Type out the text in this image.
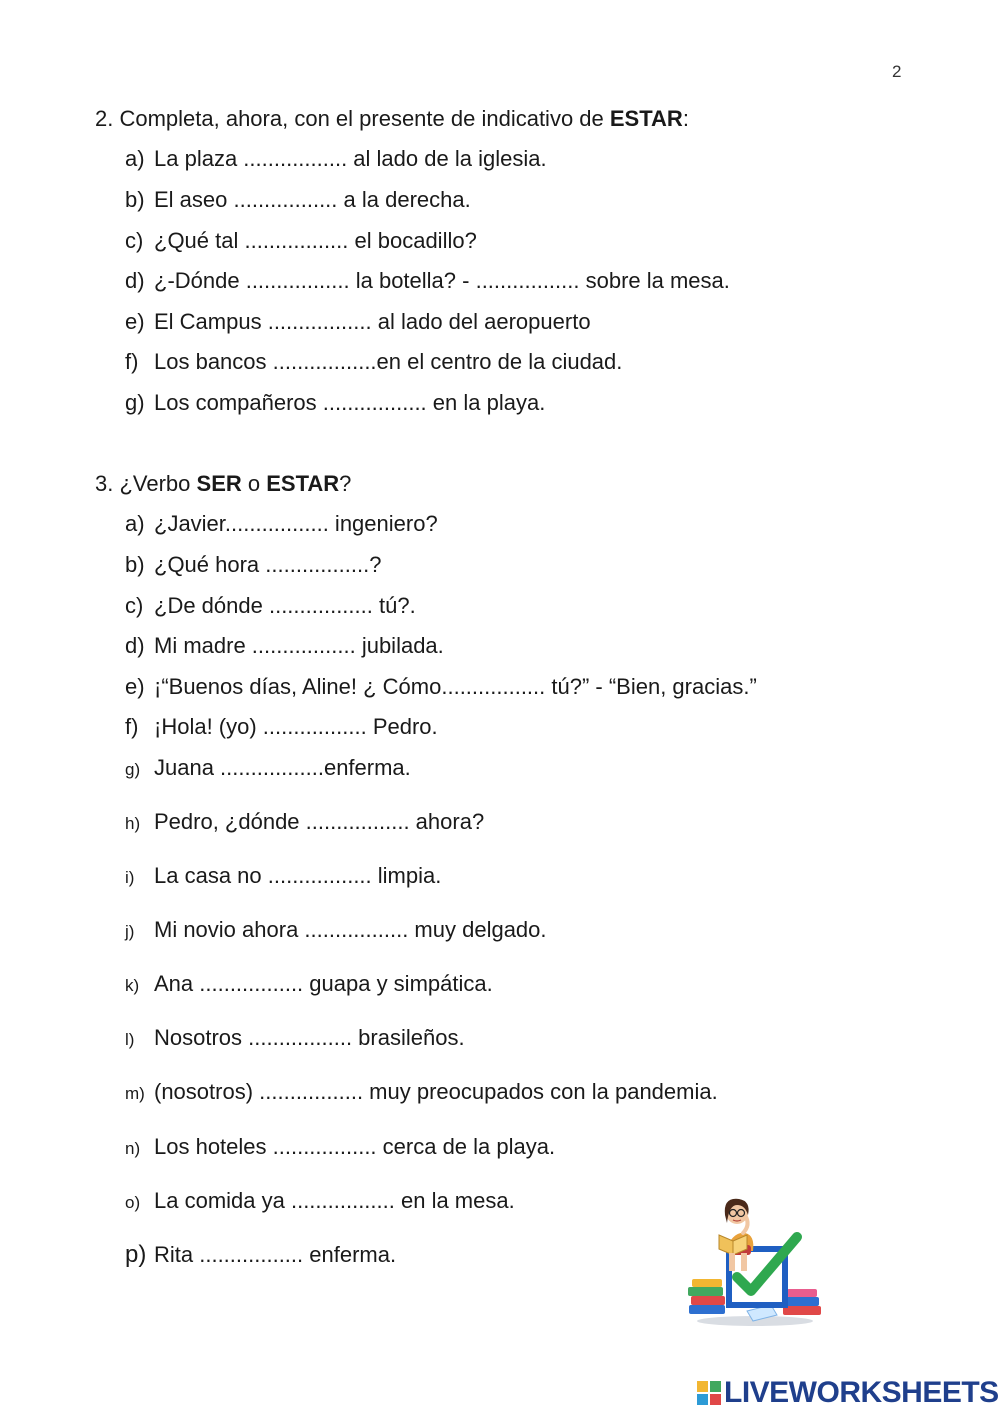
2
2. Completa, ahora, con el presente de indicativo de ESTAR:
a) La plaza ................. al lado de la iglesia.
b) El aseo ................. a la derecha.
c) ¿Qué tal ................. el bocadillo?
d) ¿-Dónde ................. la botella? - ................. sobre la mesa.
e) El Campus ................. al lado del aeropuerto
f) Los bancos .................en el centro de la ciudad.
g) Los compañeros ................. en la playa.
3. ¿Verbo SER o ESTAR?
a) ¿Javier................. ingeniero?
b) ¿Qué hora .................?
c) ¿De dónde ................. tú?.
d) Mi madre ................. jubilada.
e) ¡“Buenos días, Aline! ¿ Cómo................. tú?” - “Bien, gracias.”
f) ¡Hola! (yo) ................. Pedro.
g) Juana .................enferma.
h) Pedro, ¿dónde ................. ahora?
i) La casa no ................. limpia.
j) Mi novio ahora ................. muy delgado.
k) Ana ................. guapa y simpática.
l) Nosotros ................. brasileños.
m) (nosotros) ................. muy preocupados con la pandemia.
n) Los hoteles ................. cerca de la playa.
o) La comida ya ................. en la mesa.
p) Rita ................. enferma.
LIVEWORKSHEETS
